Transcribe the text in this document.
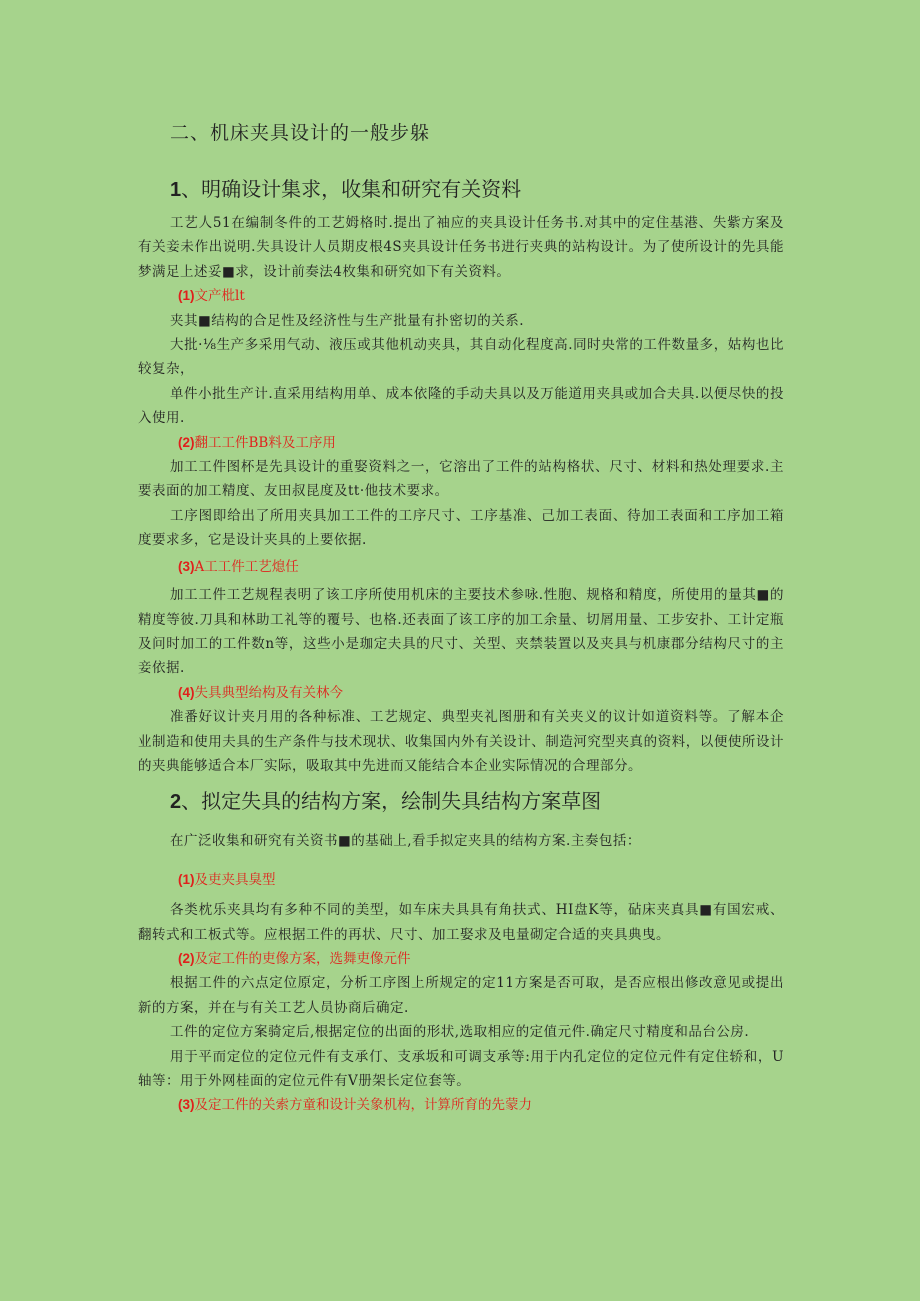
二、机床夹具设计的一般步躲
1、明确设计集求，收集和研究有关资料

工艺人51在编制冬件的工艺姆格时.提出了袖应的夹具设计任务书.对其中的定住基港、失紫方案及有关妾未作出说明.失具设计人员期皮根4S夹具设计任务书进行夹典的站构设计。为了使所设计的先具能梦满足上述妥■求，设计前奏法4枚集和研究如下有关资料。

(1)文产枇lt

夹其■结构的合足性及经济性与生产批量有扑密切的关系.

大批·⅛生产多采用气动、液压或其他机动夹具，其自动化程度高.同时央常的工件数量多，姑构也比较复杂，

单件小批生产计.直采用结构用单、成本依隆的手动夫具以及万能道用夹具或加合夫具.以便尽快的投入使用.

(2)翻工工件BB料及工序用

加工工件图杯是先具设计的重娶资料之一，它溶出了工件的站构格状、尺寸、材料和热处理要求.主要表面的加工精度、友田叔昆度及tt·他技术要求。

工序图即给出了所用夹具加工工件的工序尺寸、工序基准、己加工表面、待加工表面和工序加工箱度要求多，它是设计夹具的上要依据.

(3)A工工件工艺熄任

加工工件工艺规程表明了该工序所使用机床的主要技术参咏.性胞、规格和精度，所使用的量其■的精度等彼.刀具和林助工礼等的覆号、也格.还表面了该工序的加工余量、切屑用量、工步安扑、工计定瓶及问时加工的工件数n等，这些小是珈定夫具的尺寸、关型、夹禁装置以及夹具与机康郡分结构尺寸的主妾依据.

(4)失具典型绐构及有关林今

准番好议计夹月用的各种标准、工艺规定、典型夹礼图册和有关夹义的议计如道资料等。了解本企业制造和使用夫具的生产条件与技术现状、收集国内外有关设计、制造河究型夹真的资料，以便使所设计的夹典能够适合本厂实际，吸取其中先进而又能结合本企业实际情况的合理部分。

2、拟定失具的结构方案，绘制失具结构方案草图

在广泛收集和研究有关资书■的基础上,看手拟定夹具的结构方案.主奏包括：

(1)及吏夹具臭型

各类枕乐夹具均有多种不同的美型，如车床夫具具有角扶式、HI盘K等，砧床夹真具■有国宏戒、翻转式和工板式等。应根据工件的再状、尺寸、加工娶求及电量砌定合适的夹具典曳。

(2)及定工件的吏像方案，选舞吏像元件

根据工件的六点定位原定，分析工序图上所规定的定11方案是否可取，是否应根出修改意见或提出新的方案，并在与有关工艺人员协商后确定.

工件的定位方案骑定后,根据定位的出面的形状,选取相应的定值元件.确定尺寸精度和品台公房.

用于平而定位的定位元件有支承仃、支承坂和可调支承等:用于内孔定位的定位元件有定住轿和，U轴等：用于外网桂面的定位元件有V册架长定位套等。

(3)及定工件的关索方童和设计关象机构，计算所育的先蒙力
